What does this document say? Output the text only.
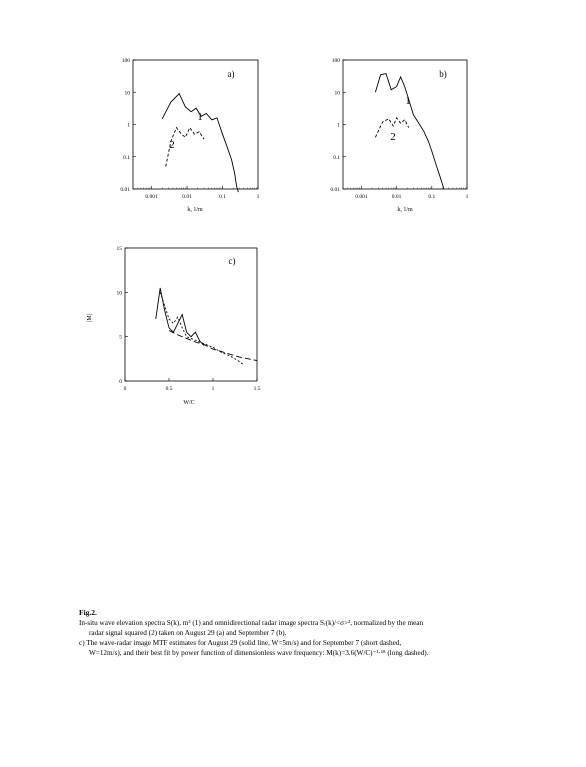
0.001	0.01	0.1	1
100
10
1
0.1
0.01
k, 1/m
a)
1
2
0.001	0.01	0.1	1
100
10
1
0.1
0.01
k, 1/m
b)
1
2
0	0.5	1	1.5
15
10
5
0
W/C
|M|
c)

Fig.2.

In-situ wave elevation spectra S(k), m³ (1) and omnidirectional radar image spectra Sᵣ(k)/<σ>², normalized by the mean

radar signal squared (2) taken on August 29 (a) and September 7 (b).

c) The wave-radar image MTF estimates for August 29 (solid line, W=5m/s) and for September 7 (short dashed,

W=12m/s), and their best fit by power function of dimensionless wave frequency: M(k)=3.6(W/C)⁻¹·¹⁸ (long dashed).
